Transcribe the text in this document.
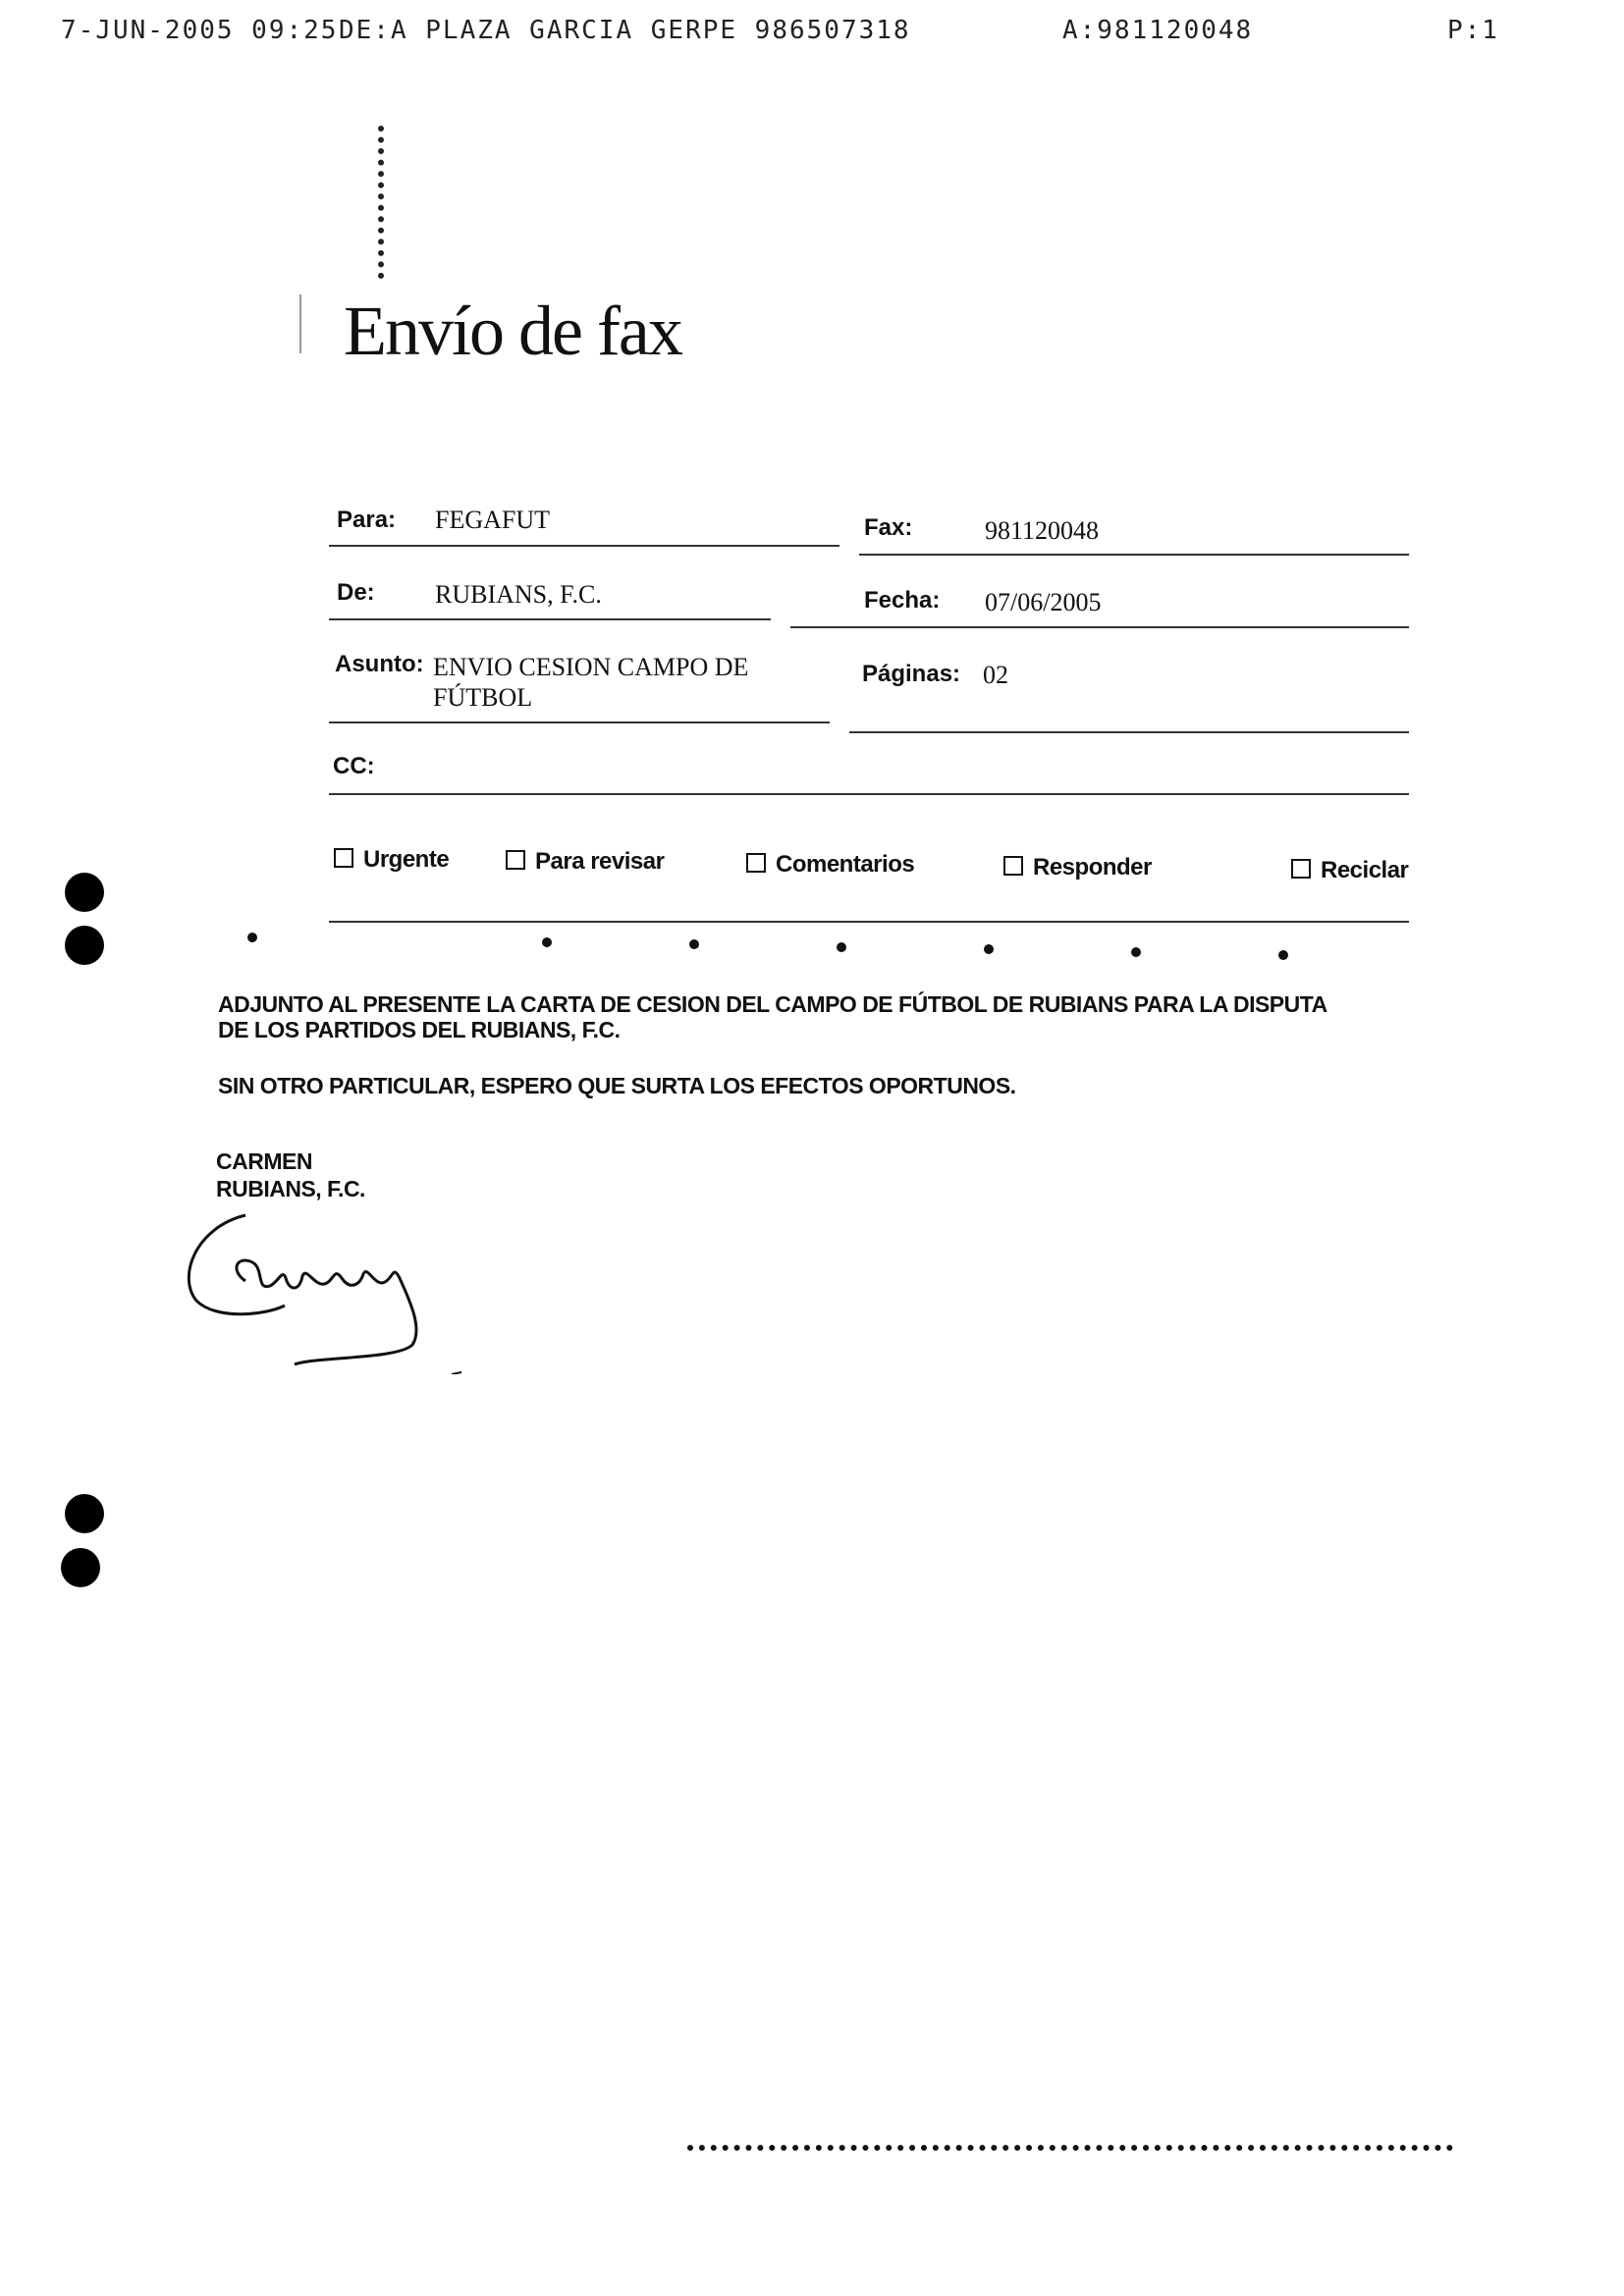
7-JUN-2005 09:25 DE:A PLAZA GARCIA GERPE 986507318	A:981120048	P:1
Envío de fax
Para: FEGAFUT	Fax:	981120048
De: RUBIANS, F.C.	Fecha: 07/06/2005
Asunto: ENVIO CESION CAMPO DE
FÚTBOL
Páginas: 02
CC:
Urgente	Para revisar	Comentarios	Responder	Reciclar
ADJUNTO AL PRESENTE LA CARTA DE CESION DEL CAMPO DE FÚTBOL DE RUBIANS PARA LA DISPUTA
DE LOS PARTIDOS DEL RUBIANS, F.C.
SIN OTRO PARTICULAR, ESPERO QUE SURTA LOS EFECTOS OPORTUNOS.
CARMEN
RUBIANS, F.C.
